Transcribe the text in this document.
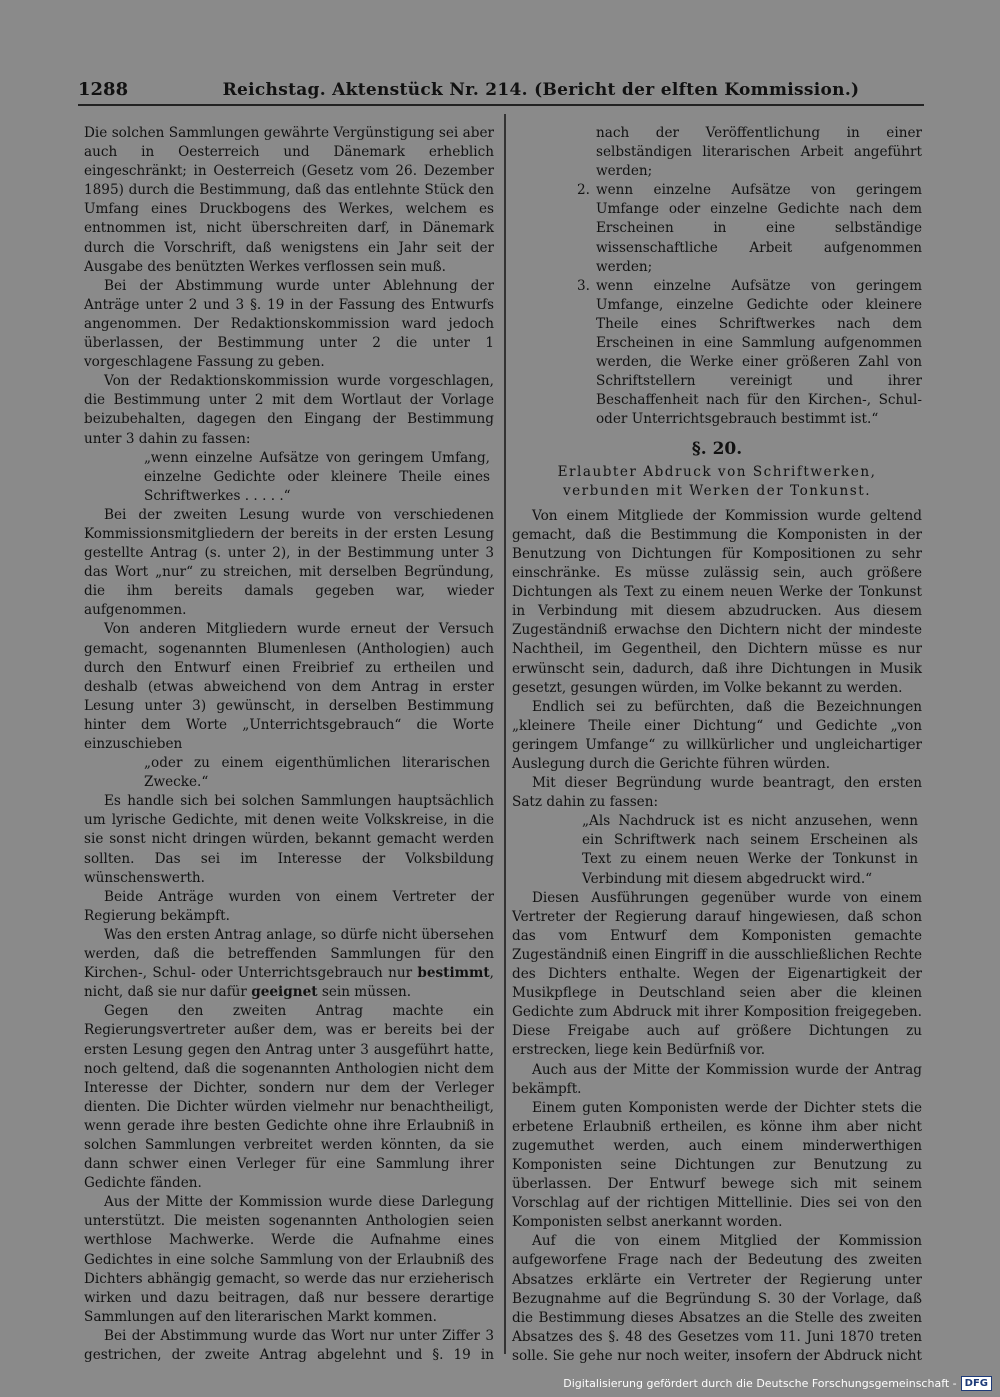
1288	Reichstag. Aktenstück Nr. 214. (Bericht der elften Kommission.)

Die solchen Sammlungen gewährte Vergünstigung sei aber auch in Oesterreich und Dänemark erheblich eingeschränkt; in Oesterreich (Gesetz vom 26. Dezember 1895) durch die Bestimmung, daß das entlehnte Stück den Umfang eines Druckbogens des Werkes, welchem es entnommen ist, nicht überschreiten darf, in Dänemark durch die Vorschrift, daß wenigstens ein Jahr seit der Ausgabe des benützten Werkes verflossen sein muß.

Bei der Abstimmung wurde unter Ablehnung der Anträge unter 2 und 3 §. 19 in der Fassung des Entwurfs angenommen. Der Redaktionskommission ward jedoch überlassen, der Bestimmung unter 2 die unter 1 vorgeschlagene Fassung zu geben.

Von der Redaktionskommission wurde vorgeschlagen, die Bestimmung unter 2 mit dem Wortlaut der Vorlage beizubehalten, dagegen den Eingang der Bestimmung unter 3 dahin zu fassen:

„wenn einzelne Aufsätze von geringem Umfang, einzelne Gedichte oder kleinere Theile eines Schriftwerkes . . . . .“

Bei der zweiten Lesung wurde von verschiedenen Kommissionsmitgliedern der bereits in der ersten Lesung gestellte Antrag (s. unter 2), in der Bestimmung unter 3 das Wort „nur“ zu streichen, mit derselben Begründung, die ihm bereits damals gegeben war, wieder aufgenommen.

Von anderen Mitgliedern wurde erneut der Versuch gemacht, sogenannten Blumenlesen (Anthologien) auch durch den Entwurf einen Freibrief zu ertheilen und deshalb (etwas abweichend von dem Antrag in erster Lesung unter 3) gewünscht, in derselben Bestimmung hinter dem Worte „Unterrichtsgebrauch“ die Worte einzuschieben

„oder zu einem eigenthümlichen literarischen Zwecke.“

Es handle sich bei solchen Sammlungen hauptsächlich um lyrische Gedichte, mit denen weite Volkskreise, in die sie sonst nicht dringen würden, bekannt gemacht werden sollten. Das sei im Interesse der Volksbildung wünschenswerth.

Beide Anträge wurden von einem Vertreter der Regierung bekämpft.

Was den ersten Antrag anlage, so dürfe nicht übersehen werden, daß die betreffenden Sammlungen für den Kirchen-, Schul- oder Unterrichtsgebrauch nur bestimmt, nicht, daß sie nur dafür geeignet sein müssen.

Gegen den zweiten Antrag machte ein Regierungsvertreter außer dem, was er bereits bei der ersten Lesung gegen den Antrag unter 3 ausgeführt hatte, noch geltend, daß die sogenannten Anthologien nicht dem Interesse der Dichter, sondern nur dem der Verleger dienten. Die Dichter würden vielmehr nur benachtheiligt, wenn gerade ihre besten Gedichte ohne ihre Erlaubniß in solchen Sammlungen verbreitet werden könnten, da sie dann schwer einen Verleger für eine Sammlung ihrer Gedichte fänden.

Aus der Mitte der Kommission wurde diese Darlegung unterstützt. Die meisten sogenannten Anthologien seien werthlose Machwerke. Werde die Aufnahme eines Gedichtes in eine solche Sammlung von der Erlaubniß des Dichters abhängig gemacht, so werde das nur erzieherisch wirken und dazu beitragen, daß nur bessere derartige Sammlungen auf den literarischen Markt kommen.

Bei der Abstimmung wurde das Wort nur unter Ziffer 3 gestrichen, der zweite Antrag abgelehnt und §. 19 in

nach der Veröffentlichung in einer selbständigen literarischen Arbeit angeführt werden;
2. wenn einzelne Aufsätze von geringem Umfange oder einzelne Gedichte nach dem Erscheinen in eine selbständige wissenschaftliche Arbeit aufgenommen werden;
3. wenn einzelne Aufsätze von geringem Umfange, einzelne Gedichte oder kleinere Theile eines Schriftwerkes nach dem Erscheinen in eine Sammlung aufgenommen werden, die Werke einer größeren Zahl von Schriftstellern vereinigt und ihrer Beschaffenheit nach für den Kirchen-, Schul- oder Unterrichtsgebrauch bestimmt ist.“
§. 20.
Erlaubter Abdruck von Schriftwerken, verbunden mit Werken der Tonkunst.

Von einem Mitgliede der Kommission wurde geltend gemacht, daß die Bestimmung die Komponisten in der Benutzung von Dichtungen für Kompositionen zu sehr einschränke. Es müsse zulässig sein, auch größere Dichtungen als Text zu einem neuen Werke der Tonkunst in Verbindung mit diesem abzudrucken. Aus diesem Zugeständniß erwachse den Dichtern nicht der mindeste Nachtheil, im Gegentheil, den Dichtern müsse es nur erwünscht sein, dadurch, daß ihre Dichtungen in Musik gesetzt, gesungen würden, im Volke bekannt zu werden.

Endlich sei zu befürchten, daß die Bezeichnungen „kleinere Theile einer Dichtung“ und Gedichte „von geringem Umfange“ zu willkürlicher und ungleichartiger Auslegung durch die Gerichte führen würden.

Mit dieser Begründung wurde beantragt, den ersten Satz dahin zu fassen:

„Als Nachdruck ist es nicht anzusehen, wenn ein Schriftwerk nach seinem Erscheinen als Text zu einem neuen Werke der Tonkunst in Verbindung mit diesem abgedruckt wird.“

Diesen Ausführungen gegenüber wurde von einem Vertreter der Regierung darauf hingewiesen, daß schon das vom Entwurf dem Komponisten gemachte Zugeständniß einen Eingriff in die ausschließlichen Rechte des Dichters enthalte. Wegen der Eigenartigkeit der Musikpflege in Deutschland seien aber die kleinen Gedichte zum Abdruck mit ihrer Komposition freigegeben. Diese Freigabe auch auf größere Dichtungen zu erstrecken, liege kein Bedürfniß vor.

Auch aus der Mitte der Kommission wurde der Antrag bekämpft.

Einem guten Komponisten werde der Dichter stets die erbetene Erlaubniß ertheilen, es könne ihm aber nicht zugemuthet werden, auch einem minderwerthigen Komponisten seine Dichtungen zur Benutzung zu überlassen. Der Entwurf bewege sich mit seinem Vorschlag auf der richtigen Mittellinie. Dies sei von den Komponisten selbst anerkannt worden.

Auf die von einem Mitglied der Kommission aufgeworfene Frage nach der Bedeutung des zweiten Absatzes erklärte ein Vertreter der Regierung unter Bezugnahme auf die Begründung S. 30 der Vorlage, daß die Bestimmung dieses Absatzes an die Stelle des zweiten Absatzes des §. 48 des Gesetzes vom 11. Juni 1870 treten solle. Sie gehe nur noch weiter, insofern der Abdruck nicht

Digitalisierung gefördert durch die Deutsche Forschungsgemeinschaft - DFG
